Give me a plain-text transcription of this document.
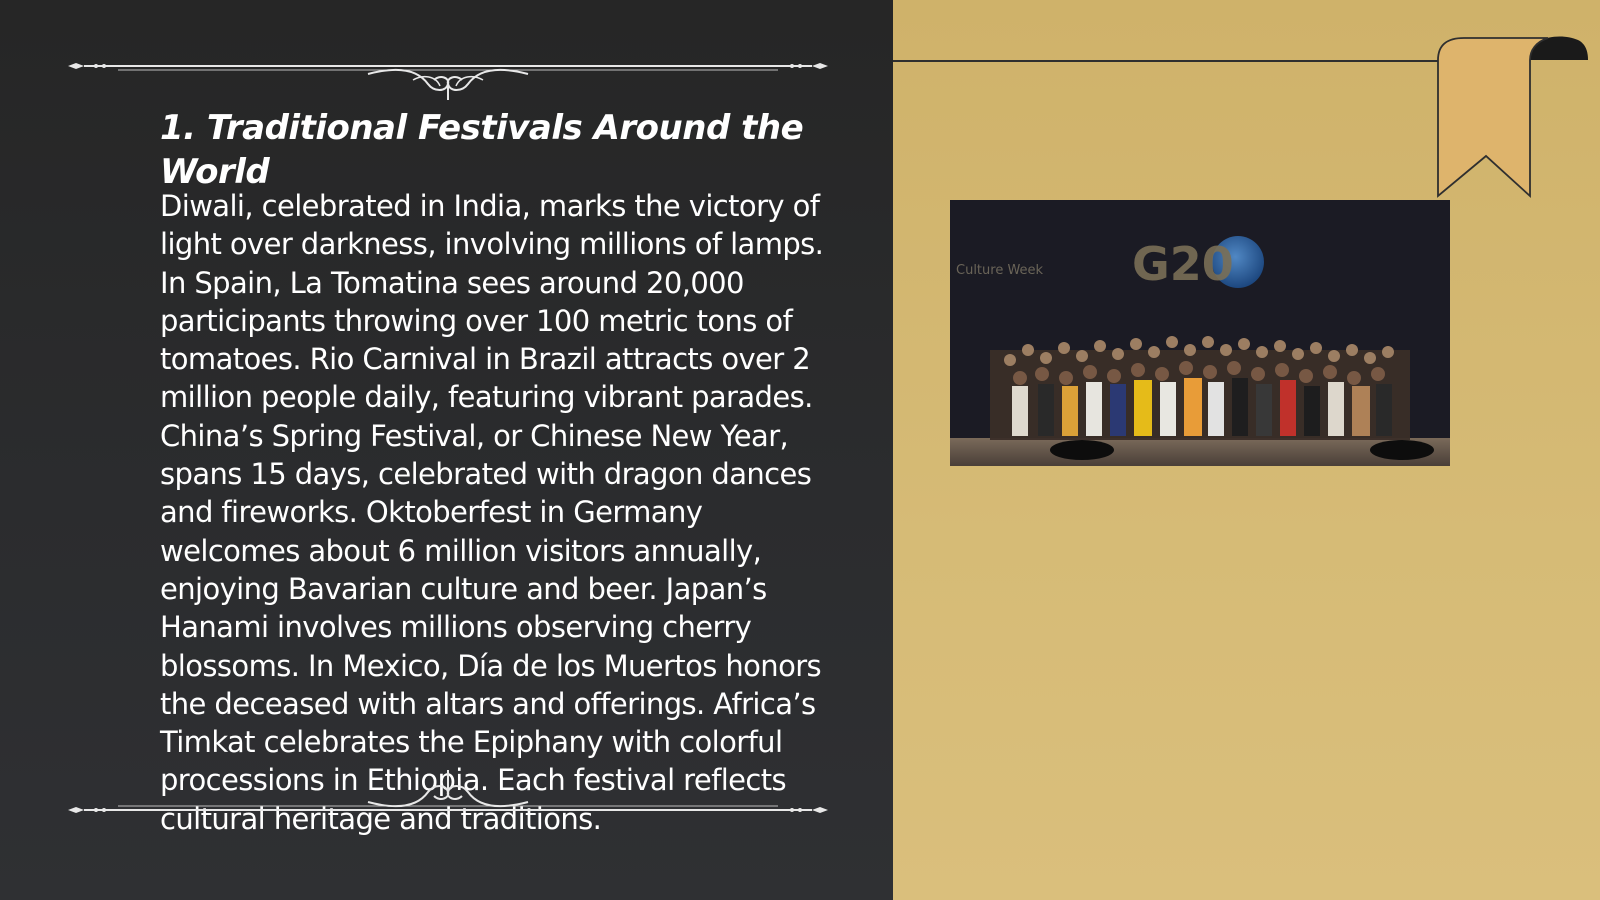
1. Traditional Festivals Around the World

Diwali, celebrated in India, marks the victory of light over darkness, involving millions of lamps. In Spain, La Tomatina sees around 20,000 participants throwing over 100 metric tons of tomatoes. Rio Carnival in Brazil attracts over 2 million people daily, featuring vibrant parades. China’s Spring Festival, or Chinese New Year, spans 15 days, celebrated with dragon dances and fireworks. Oktoberfest in Germany welcomes about 6 million visitors annually, enjoying Bavarian culture and beer. Japan’s Hanami involves millions observing cherry blossoms. In Mexico, Día de los Muertos honors the deceased with altars and offerings. Africa’s Timkat celebrates the Epiphany with colorful processions in Ethiopia. Each festival reflects cultural heritage and traditions.

G20
Culture Week
